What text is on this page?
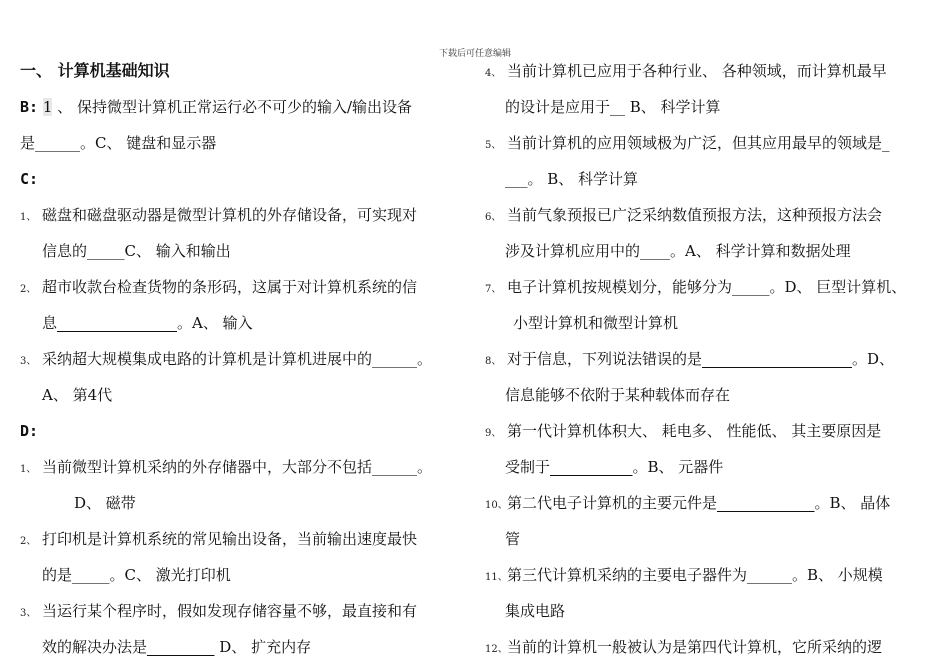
下载后可任意编辑
一、 计算机基础知识
B: 1 、 保持微型计算机正常运行必不可少的输入/输出设备
是______。C、 键盘和显示器
C:
1、 磁盘和磁盘驱动器是微型计算机的外存储设备，可实现对
信息的_____C、 输入和输出
2、 超市收款台检查货物的条形码，这属于对计算机系统的信
息________________。A、 输入
3、 采纳超大规模集成电路的计算机是计算机进展中的______。
A、 第4代
D:
1、 当前微型计算机采纳的外存储器中，大部分不包括______。
D、 磁带
2、 打印机是计算机系统的常见输出设备，当前输出速度最快
的是_____。C、 激光打印机
3、 当运行某个程序时，假如发现存储容量不够，最直接和有
效的解决办法是_________ D、 扩充内存
4、 当前计算机已应用于各种行业、 各种领域，而计算机最早
的设计是应用于__ B、 科学计算
5、 当前计算机的应用领域极为广泛，但其应用最早的领域是_
___。 B、 科学计算
6、 当前气象预报已广泛采纳数值预报方法，这种预报方法会
涉及计算机应用中的____。A、 科学计算和数据处理
7、 电子计算机按规模划分，能够分为_____。D、 巨型计算机、
小型计算机和微型计算机
8、 对于信息，下列说法错误的是____________________。D、
信息能够不依附于某种载体而存在
9、 第一代计算机体积大、 耗电多、 性能低、 其主要原因是
受制于___________。B、 元器件
10、第二代电子计算机的主要元件是_____________。B、 晶体
管
11、第三代计算机采纳的主要电子器件为______。B、 小规模
集成电路
12、当前的计算机一般被认为是第四代计算机，它所采纳的逻
